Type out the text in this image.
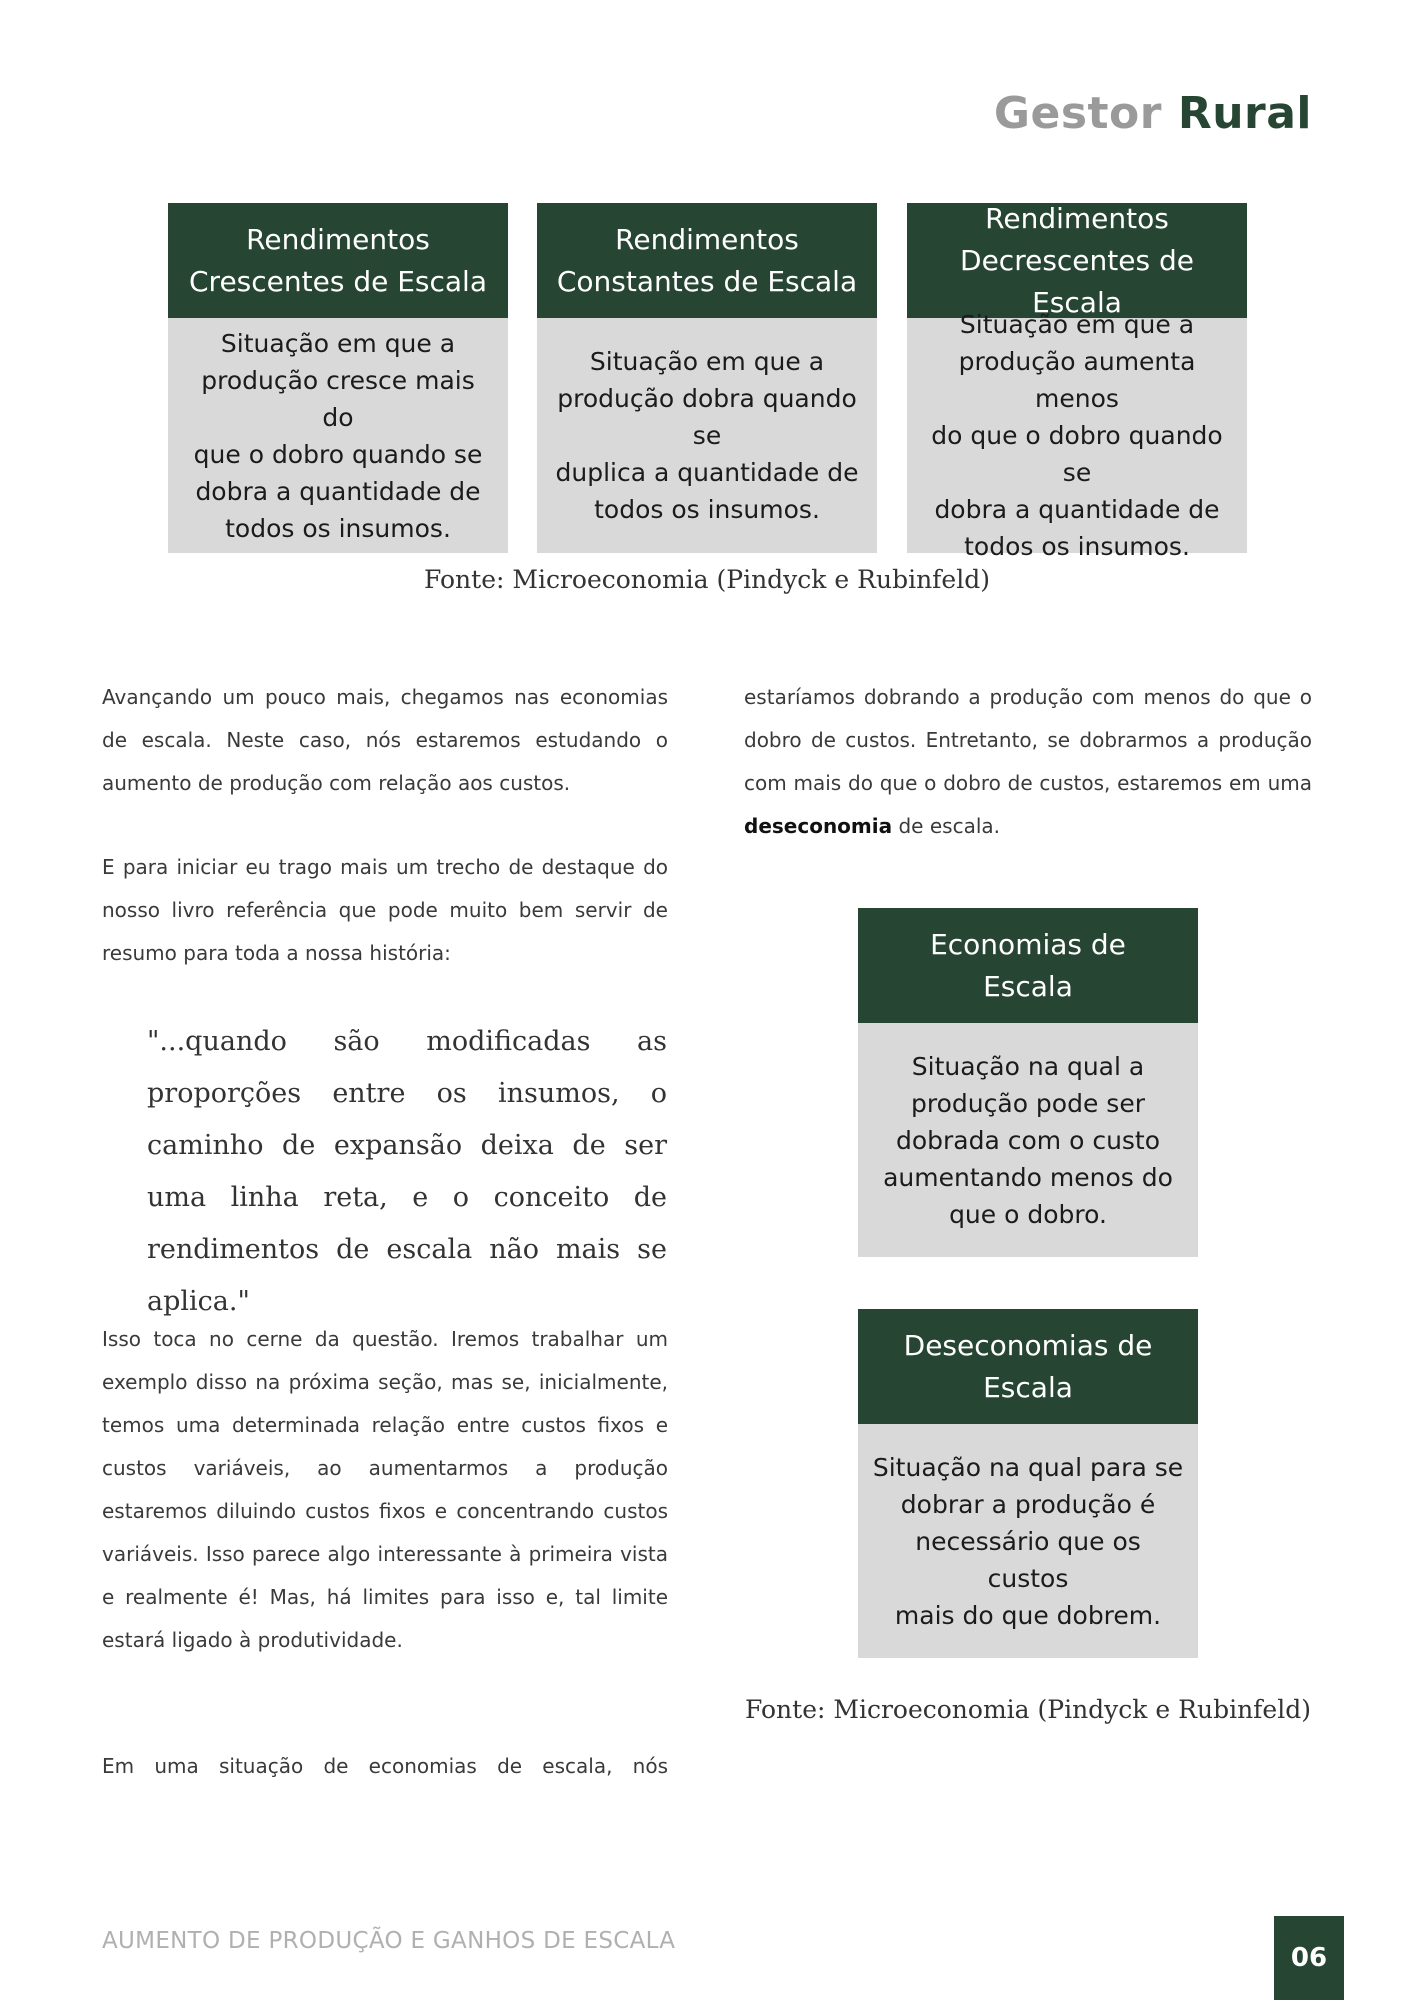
Gestor Rural
Rendimentos
Crescentes de Escala
Situação em que a
produção cresce mais do
que o dobro quando se
dobra a quantidade de
todos os insumos.
Rendimentos
Constantes de Escala
Situação em que a
produção dobra quando se
duplica a quantidade de
todos os insumos.
Rendimentos
Decrescentes de Escala
Situação em que a
produção aumenta menos
do que o dobro quando se
dobra a quantidade de
todos os insumos.
Fonte: Microeconomia (Pindyck e Rubinfeld)

Avançando um pouco mais, chegamos nas economias de escala. Neste caso, nós estaremos estudando o aumento de produção com relação aos custos.

E para iniciar eu trago mais um trecho de destaque do nosso livro referência que pode muito bem servir de resumo para toda a nossa história:

"...quando são modificadas as proporções entre os insumos, o caminho de expansão deixa de ser uma linha reta, e o conceito de rendimentos de escala não mais se aplica."

Isso toca no cerne da questão. Iremos trabalhar um exemplo disso na próxima seção, mas se, inicialmente, temos uma determinada relação entre custos fixos e custos variáveis, ao aumentarmos a produção estaremos diluindo custos fixos e concentrando custos variáveis. Isso parece algo interessante à primeira vista e realmente é! Mas, há limites para isso e, tal limite estará ligado à produtividade.

Em uma situação de economias de escala, nós

estaríamos dobrando a produção com menos do que o dobro de custos. Entretanto, se dobrarmos a produção com mais do que o dobro de custos, estaremos em uma deseconomia de escala.

Economias de
Escala
Situação na qual a
produção pode ser
dobrada com o custo
aumentando menos do
que o dobro.
Deseconomias de
Escala
Situação na qual para se
dobrar a produção é
necessário que os custos
mais do que dobrem.
Fonte: Microeconomia (Pindyck e Rubinfeld)
AUMENTO DE PRODUÇÃO E GANHOS DE ESCALA
06
